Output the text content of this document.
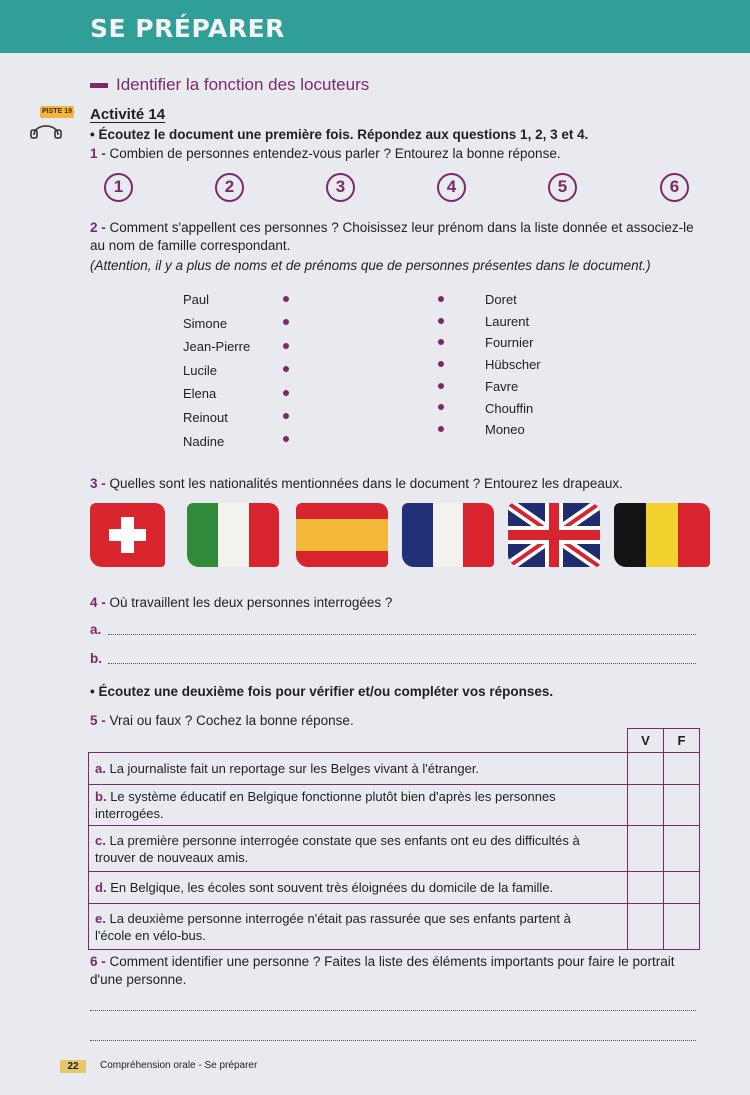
SE PRÉPARER
Identifier la fonction des locuteurs
PISTE 19 Activité 14
• Écoutez le document une première fois. Répondez aux questions 1, 2, 3 et 4.
1 - Combien de personnes entendez-vous parler ? Entourez la bonne réponse.
1	2	3	4	5	6
2 - Comment s'appellent ces personnes ? Choisissez leur prénom dans la liste donnée et associez-le
au nom de famille correspondant.
(Attention, il y a plus de noms et de prénoms que de personnes présentes dans le document.)
Paul
Simone
Jean-Pierre
Lucile
Elena
Reinout
Nadine
Doret
Laurent
Fournier
Hübscher
Favre
Chouffin
Moneo
3 - Quelles sont les nationalités mentionnées dans le document ? Entourez les drapeaux.
4 - Où travaillent les deux personnes interrogées ?
a.
b.
• Écoutez une deuxième fois pour vérifier et/ou compléter vos réponses.
5 - Vrai ou faux ? Cochez la bonne réponse.
	V	F
a. La journaliste fait un reportage sur les Belges vivant à l'étranger.		
b. Le système éducatif en Belgique fonctionne plutôt bien d'après les personnes interrogées.		
c. La première personne interrogée constate que ses enfants ont eu des difficultés à trouver de nouveaux amis.		
d. En Belgique, les écoles sont souvent très éloignées du domicile de la famille.		
e. La deuxième personne interrogée n'était pas rassurée que ses enfants partent à l'école en vélo-bus.		
6 - Comment identifier une personne ? Faites la liste des éléments importants pour faire le portrait
d'une personne.
22	Compréhension orale - Se préparer
